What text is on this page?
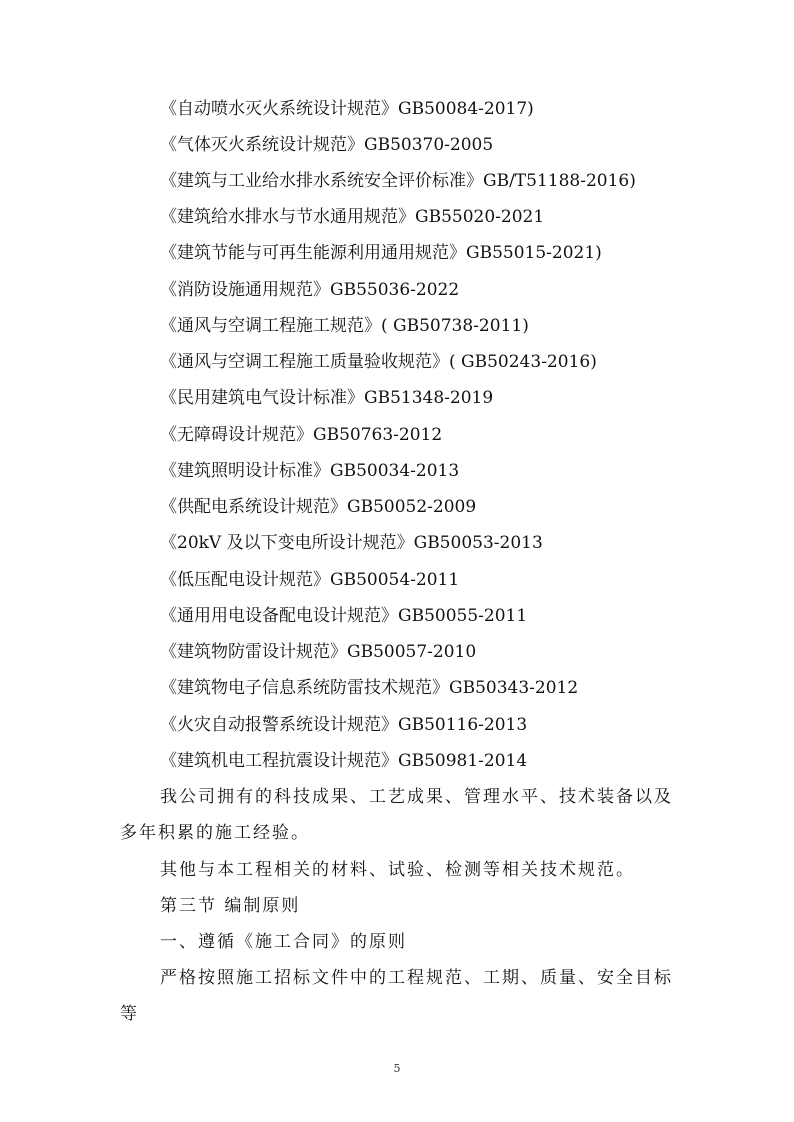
《自动喷水灭火系统设计规范》GB50084-2017)
《气体灭火系统设计规范》GB50370-2005
《建筑与工业给水排水系统安全评价标准》GB/T51188-2016)
《建筑给水排水与节水通用规范》GB55020-2021
《建筑节能与可再生能源利用通用规范》GB55015-2021)
《消防设施通用规范》GB55036-2022
《通风与空调工程施工规范》( GB50738-2011)
《通风与空调工程施工质量验收规范》( GB50243-2016)
《民用建筑电气设计标准》GB51348-2019
《无障碍设计规范》GB50763-2012
《建筑照明设计标准》GB50034-2013
《供配电系统设计规范》GB50052-2009
《20kV 及以下变电所设计规范》GB50053-2013
《低压配电设计规范》GB50054-2011
《通用用电设备配电设计规范》GB50055-2011
《建筑物防雷设计规范》GB50057-2010
《建筑物电子信息系统防雷技术规范》GB50343-2012
《火灾自动报警系统设计规范》GB50116-2013
《建筑机电工程抗震设计规范》GB50981-2014
我公司拥有的科技成果、工艺成果、管理水平、技术装备以及多年积累的施工经验。
其他与本工程相关的材料、试验、检测等相关技术规范。
第三节 编制原则
一、遵循《施工合同》的原则
严格按照施工招标文件中的工程规范、工期、质量、安全目标等
5
